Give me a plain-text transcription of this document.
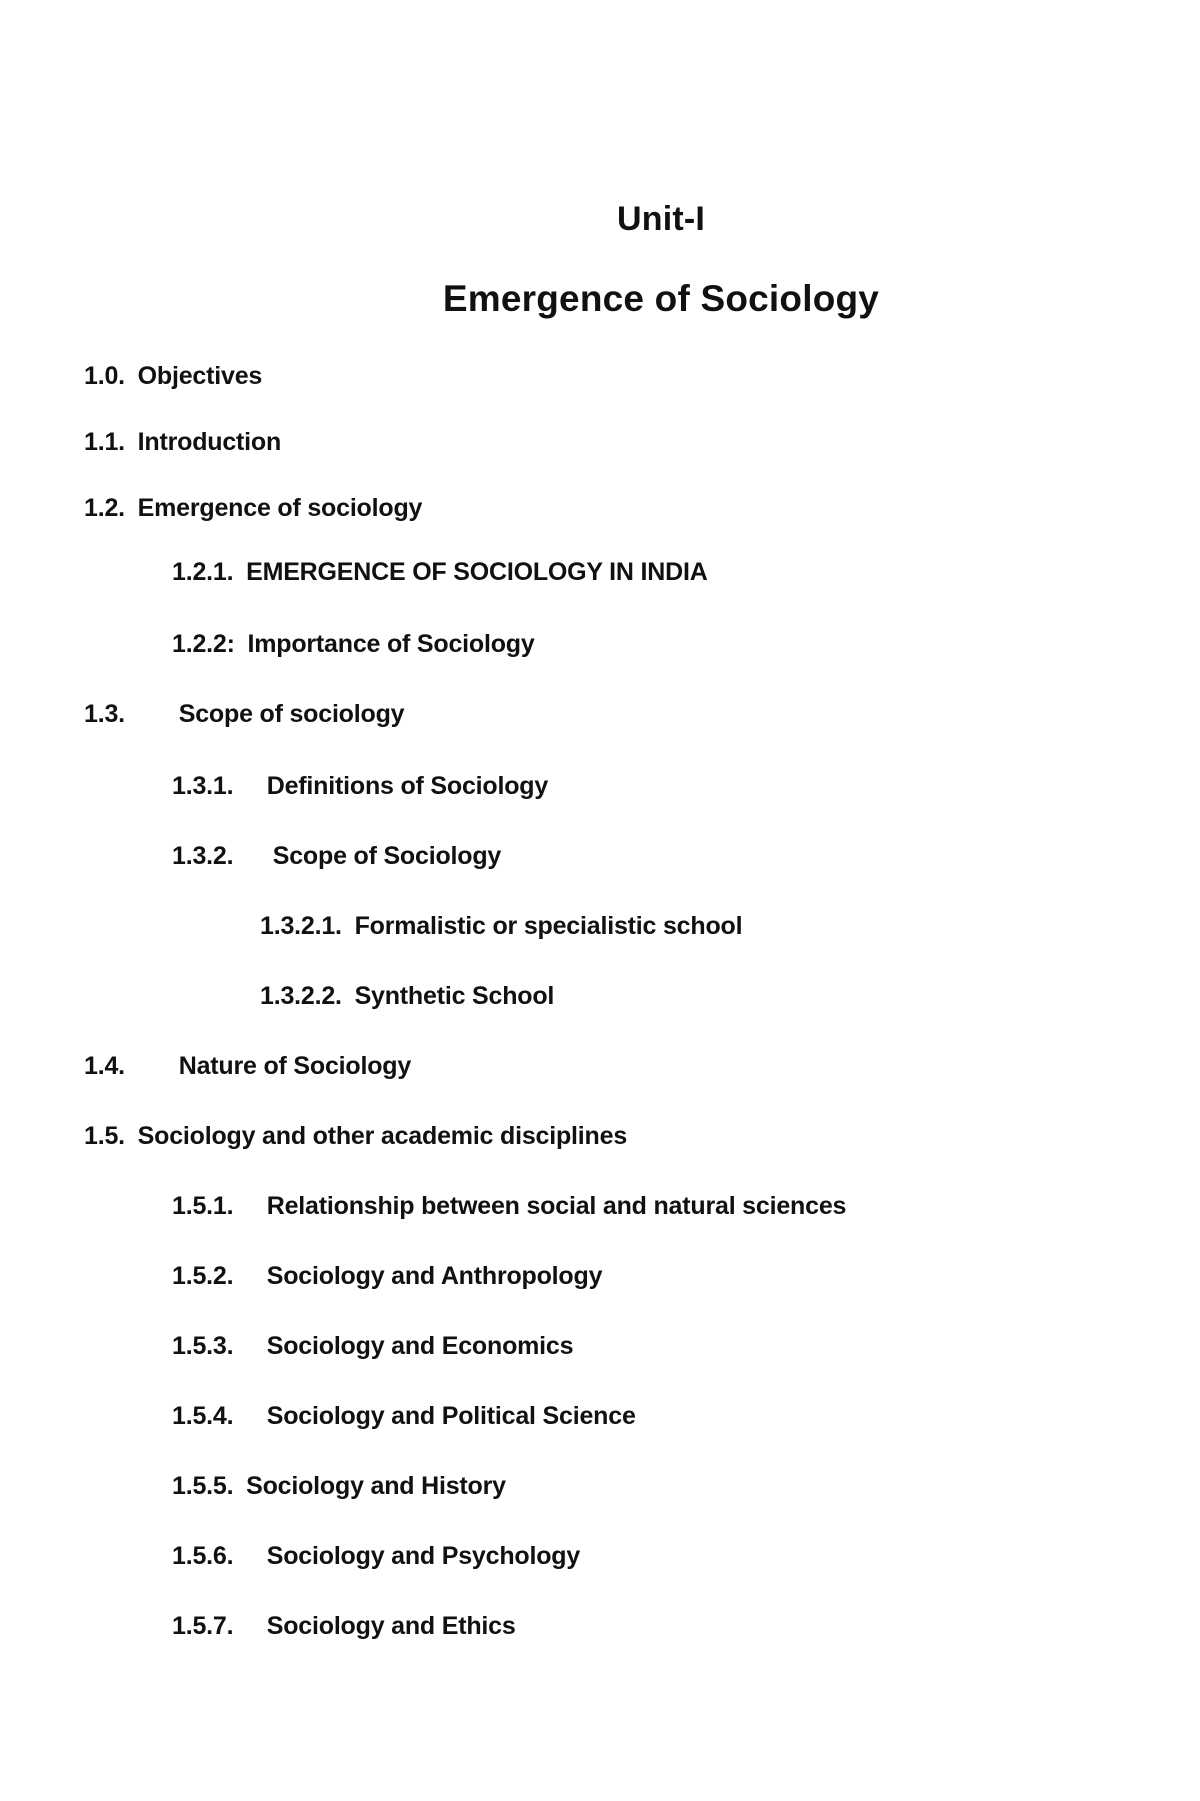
Unit-I
Emergence of Sociology
1.0. Objectives
1.1. Introduction
1.2. Emergence of sociology
1.2.1. EMERGENCE OF SOCIOLOGY IN INDIA
1.2.2: Importance of Sociology
1.3. Scope of sociology
1.3.1. Definitions of Sociology
1.3.2. Scope of Sociology
1.3.2.1. Formalistic or specialistic school
1.3.2.2. Synthetic School
1.4. Nature of Sociology
1.5. Sociology and other academic disciplines
1.5.1. Relationship between social and natural sciences
1.5.2. Sociology and Anthropology
1.5.3. Sociology and Economics
1.5.4. Sociology and Political Science
1.5.5. Sociology and History
1.5.6. Sociology and Psychology
1.5.7. Sociology and Ethics
